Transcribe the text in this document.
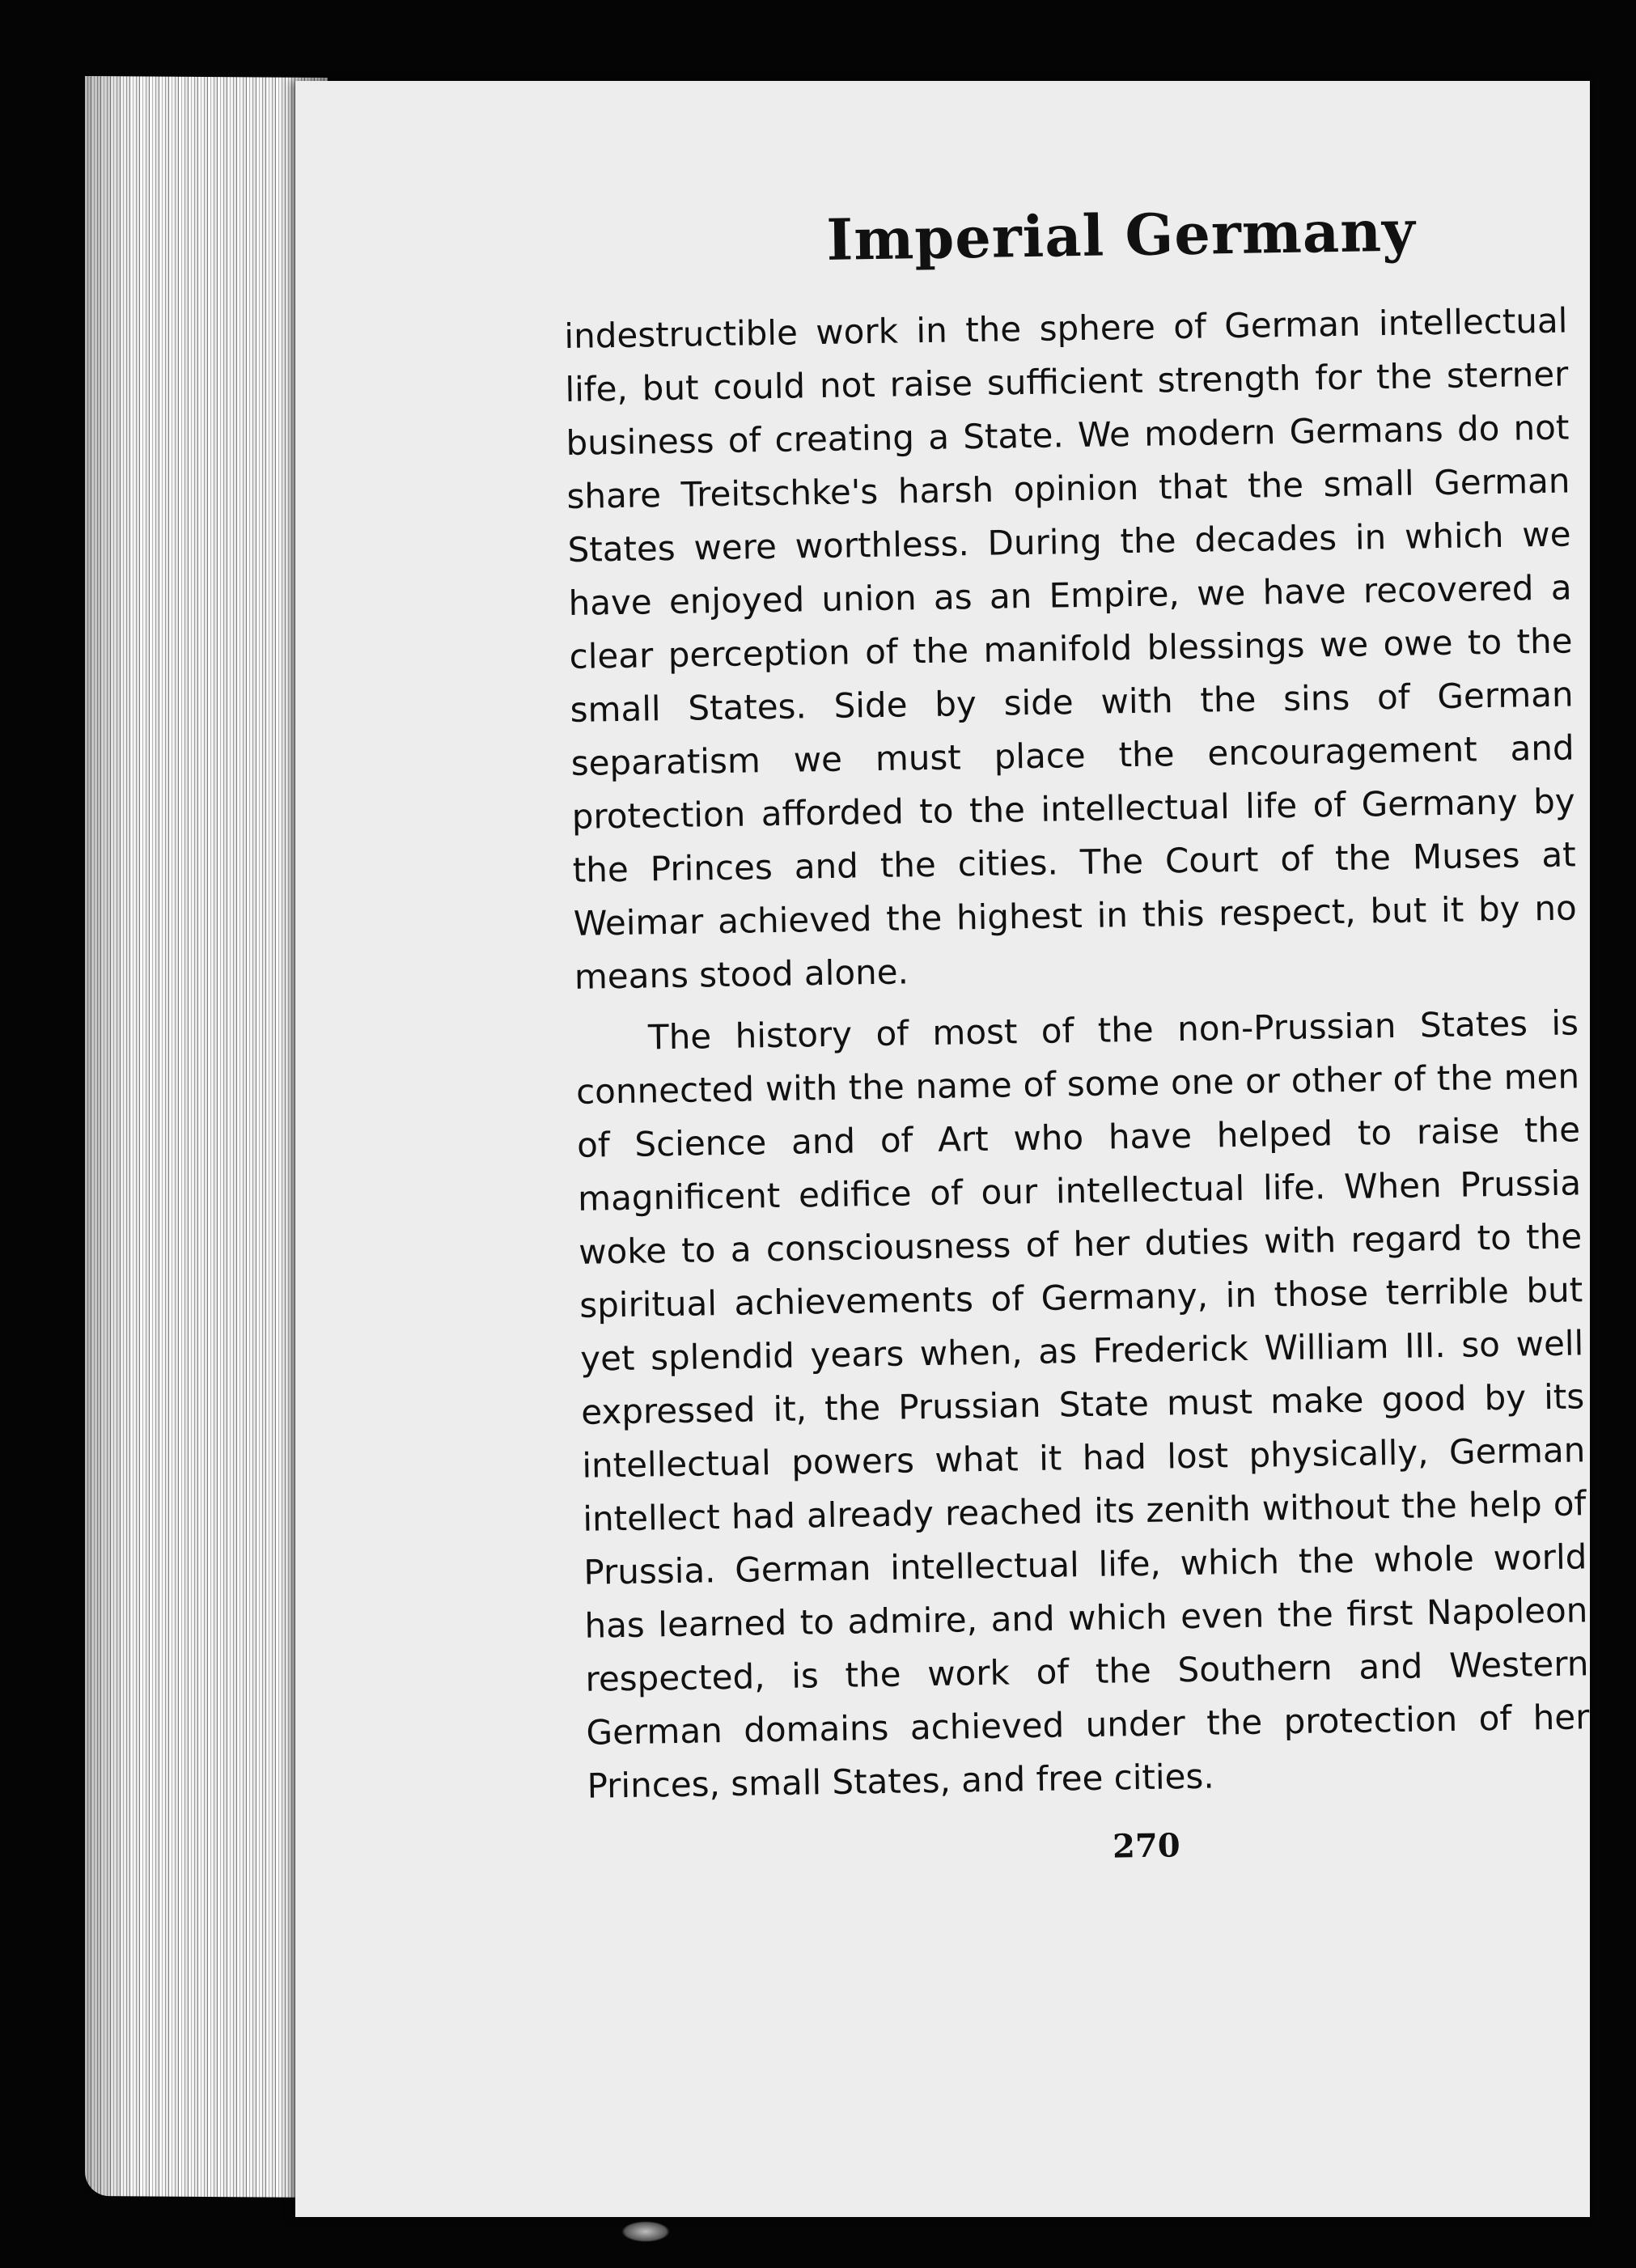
Imperial Germany

indestructible work in the sphere of German intellectual life, but could not raise sufficient strength for the sterner business of creating a State. We modern Germans do not share Treitschke's harsh opinion that the small German States were worthless. During the decades in which we have enjoyed union as an Empire, we have recovered a clear perception of the manifold blessings we owe to the small States. Side by side with the sins of German separatism we must place the encouragement and protection afforded to the intellectual life of Germany by the Princes and the cities. The Court of the Muses at Weimar achieved the highest in this respect, but it by no means stood alone.

The history of most of the non-Prussian States is connected with the name of some one or other of the men of Science and of Art who have helped to raise the magnificent edifice of our intellectual life. When Prussia woke to a consciousness of her duties with regard to the spiritual achievements of Germany, in those terrible but yet splendid years when, as Frederick William III. so well expressed it, the Prussian State must make good by its intellectual powers what it had lost physically, German intellect had already reached its zenith without the help of Prussia. German intellectual life, which the whole world has learned to admire, and which even the first Napoleon respected, is the work of the Southern and Western German domains achieved under the protection of her Princes, small States, and free cities.

270
